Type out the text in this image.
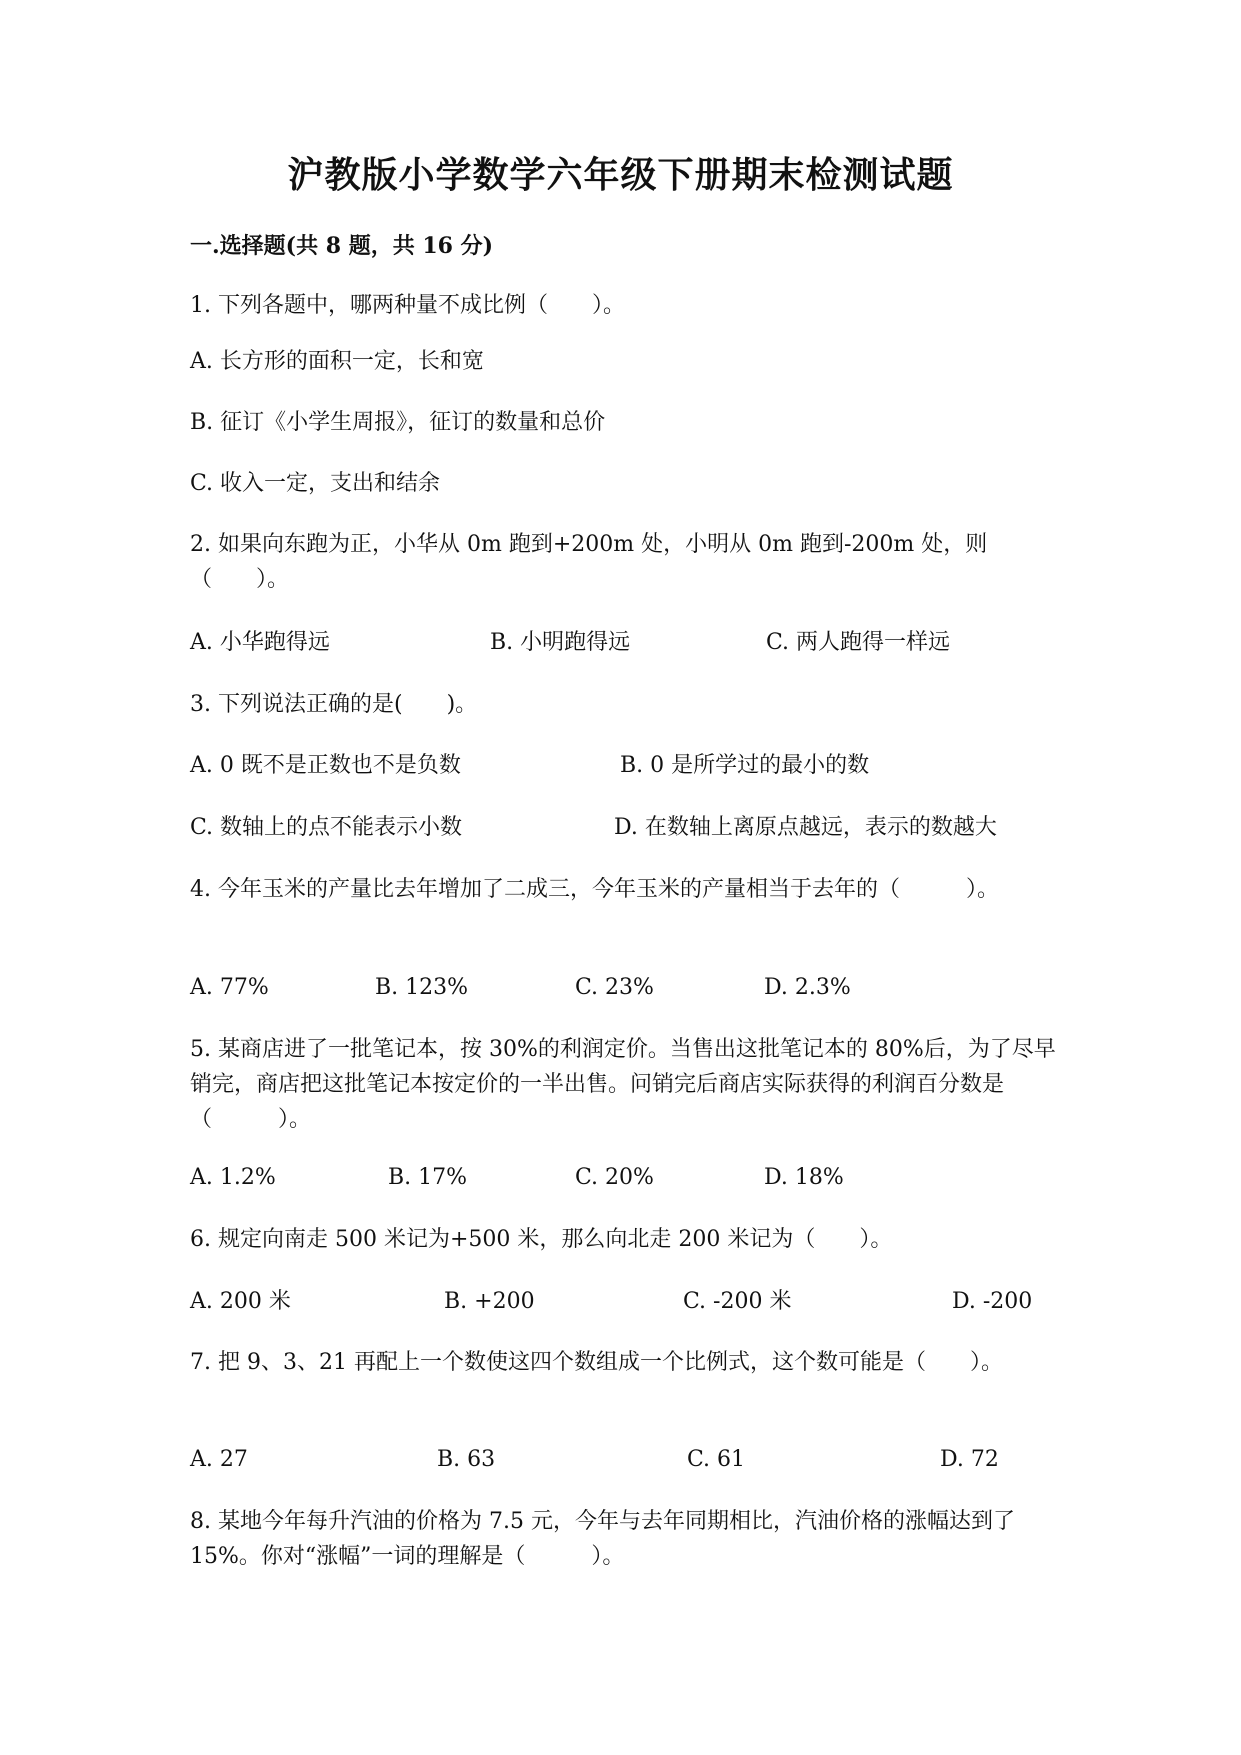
沪教版小学数学六年级下册期末检测试题
一.选择题(共 8 题，共 16 分)
1. 下列各题中，哪两种量不成比例（　　）。
A. 长方形的面积一定，长和宽
B. 征订《小学生周报》，征订的数量和总价
C. 收入一定，支出和结余
2. 如果向东跑为正，小华从 0m 跑到+200m 处，小明从 0m 跑到-200m 处，则（　　）。
A. 小华跑得远	B. 小明跑得远	C. 两人跑得一样远
3. 下列说法正确的是(　　)。
A. 0 既不是正数也不是负数	B. 0 是所学过的最小的数
C. 数轴上的点不能表示小数	D. 在数轴上离原点越远，表示的数越大
4. 今年玉米的产量比去年增加了二成三，今年玉米的产量相当于去年的（　　　）。
A. 77%	B. 123%	C. 23%	D. 2.3%
5. 某商店进了一批笔记本，按 30%的利润定价。当售出这批笔记本的 80%后，为了尽早销完，商店把这批笔记本按定价的一半出售。问销完后商店实际获得的利润百分数是（　　　）。
A. 1.2%	B. 17%	C. 20%	D. 18%
6. 规定向南走 500 米记为+500 米，那么向北走 200 米记为（　　）。
A. 200 米	B. +200	C. -200 米	D. -200
7. 把 9、3、21 再配上一个数使这四个数组成一个比例式，这个数可能是（　　）。
A. 27	B. 63	C. 61	D. 72
8. 某地今年每升汽油的价格为 7.5 元，今年与去年同期相比，汽油价格的涨幅达到了 15%。你对“涨幅”一词的理解是（　　　）。
